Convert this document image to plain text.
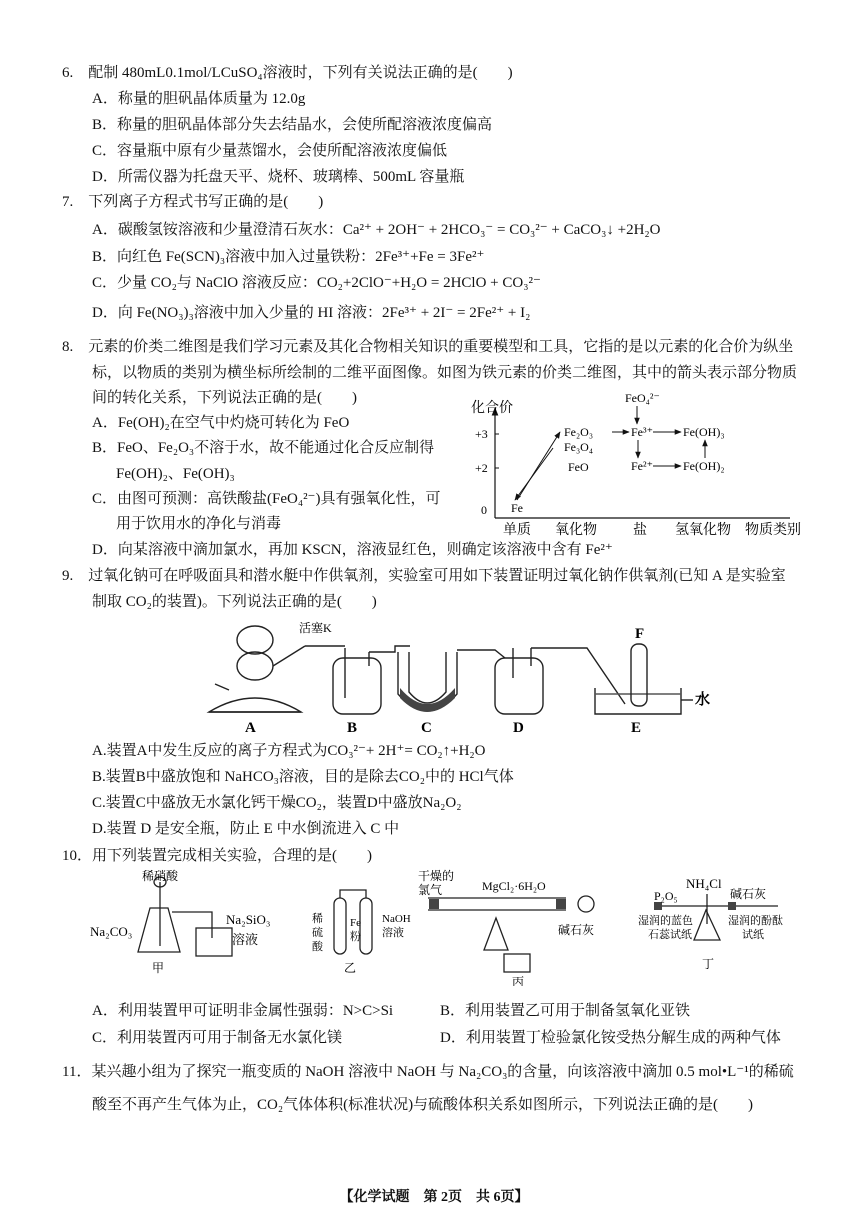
6.　配制 480mL0.1mol/LCuSO₄溶液时，下列有关说法正确的是(　　)
A．称量的胆矾晶体质量为 12.0g
B．称量的胆矾晶体部分失去结晶水，会使所配溶液浓度偏高
C．容量瓶中原有少量蒸馏水，会使所配溶液浓度偏低
D．所需仪器为托盘天平、烧杯、玻璃棒、500mL 容量瓶
7.　下列离子方程式书写正确的是(　　)
A．碳酸氢铵溶液和少量澄清石灰水：Ca²⁺ + 2OH⁻ + 2HCO₃⁻ = CO₃²⁻ + CaCO₃↓ +2H₂O
B．向红色 Fe(SCN)₃溶液中加入过量铁粉：2Fe³⁺+Fe = 3Fe²⁺
C．少量 CO₂与 NaClO 溶液反应：CO₂+2ClO⁻+H₂O = 2HClO + CO₃²⁻
D．向 Fe(NO₃)₃溶液中加入少量的 HI 溶液：2Fe³⁺ + 2I⁻ = 2Fe²⁺ + I₂
8.　元素的价类二维图是我们学习元素及其化合物相关知识的重要模型和工具，它指的是以元素的化合价为纵坐
标，以物质的类别为横坐标所绘制的二维平面图像。如图为铁元素的价类二维图，其中的箭头表示部分物质
间的转化关系，下列说法正确的是(　　)
A．Fe(OH)₂在空气中灼烧可转化为 FeO
B．FeO、Fe₂O₃不溶于水，故不能通过化合反应制得
Fe(OH)₂、Fe(OH)₃
C．由图可预测：高铁酸盐(FeO₄²⁻)具有强氧化性，可
用于饮用水的净化与消毒
D．向某溶液中滴加氯水，再加 KSCN，溶液显红色，则确定该溶液中含有 Fe²⁺
化合价
+3
+2
0
单质 氧化物	盐 氢氧化物 物质类别
FeO₄²⁻
Fe₂O₃
Fe₃O₄
FeO
Fe³⁺
Fe²⁺
Fe(OH)₃
Fe(OH)₂
Fe
9.　过氧化钠可在呼吸面具和潜水艇中作供氧剂，实验室可用如下装置证明过氧化钠作供氧剂(已知 A 是实验室
制取 CO₂的装置)。下列说法正确的是(　　)
活塞K
A	B	C	D	E
F
水
A.装置A中发生反应的离子方程式为CO₃²⁻+ 2H⁺= CO₂↑+H₂O
B.装置B中盛放饱和 NaHCO₃溶液，目的是除去CO₂中的 HCl气体
C.装置C中盛放无水氯化钙干燥CO₂，装置D中盛放Na₂O₂
D.装置 D 是安全瓶，防止 E 中水倒流进入 C 中
10．用下列装置完成相关实验，合理的是(　　)
稀硝酸
Na₂CO₃
Na₂SiO₃
溶液
甲
稀
硫
酸
Fe
粉
NaOH
溶液
乙
干燥的
氯气	MgCl₂·6H₂O
碱石灰
丙
NH₄Cl
P₂O₅	碱石灰
湿润的蓝色
石蕊试纸
湿润的酚酞
试纸
丁
A．利用装置甲可证明非金属性强弱：N>C>Si	B．利用装置乙可用于制备氢氧化亚铁
C．利用装置丙可用于制备无水氯化镁	D．利用装置丁检验氯化铵受热分解生成的两种气体
11．某兴趣小组为了探究一瓶变质的 NaOH 溶液中 NaOH 与 Na₂CO₃的含量，向该溶液中滴加 0.5 mol•L⁻¹的稀硫
酸至不再产生气体为止，CO₂气体体积(标准状况)与硫酸体积关系如图所示，下列说法正确的是(　　)
【化学试题　第 2页　共 6页】
